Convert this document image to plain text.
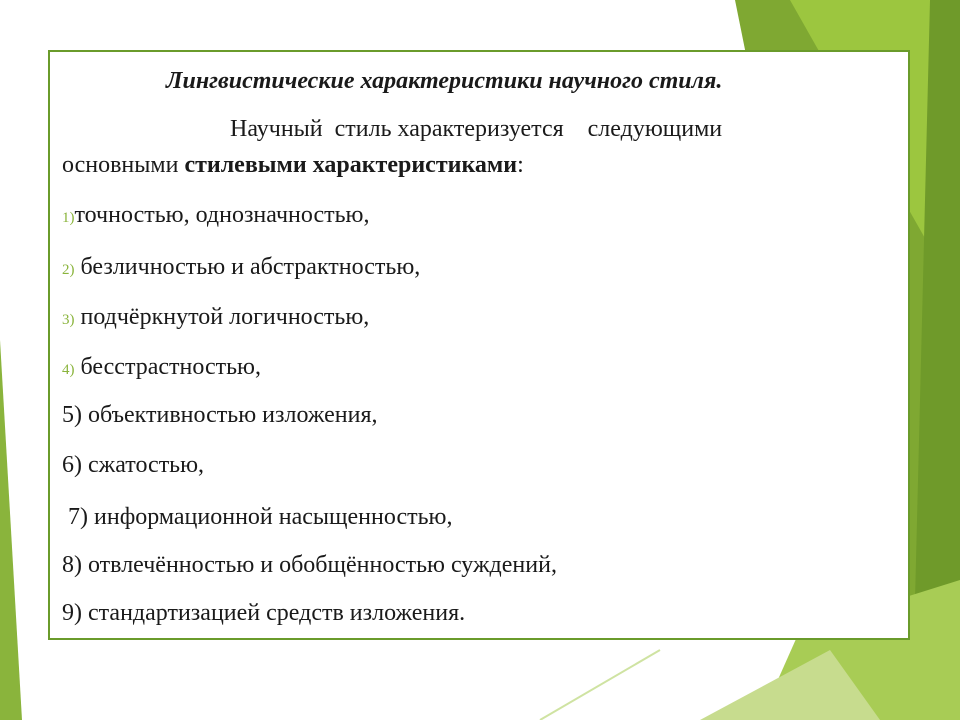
Лингвистические характеристики научного стиля.

Научный  стиль характеризуется    следующими

основными стилевыми характеристиками:

1)точностью, однозначностью,

2) безличностью и абстрактностью,

3) подчёркнутой логичностью,

4) бесстрастностью,

5) объективностью изложения,

6) сжатостью,

7) информационной насыщенностью,

8) отвлечённостью и обобщённостью суждений,

9) стандартизацией средств изложения.
